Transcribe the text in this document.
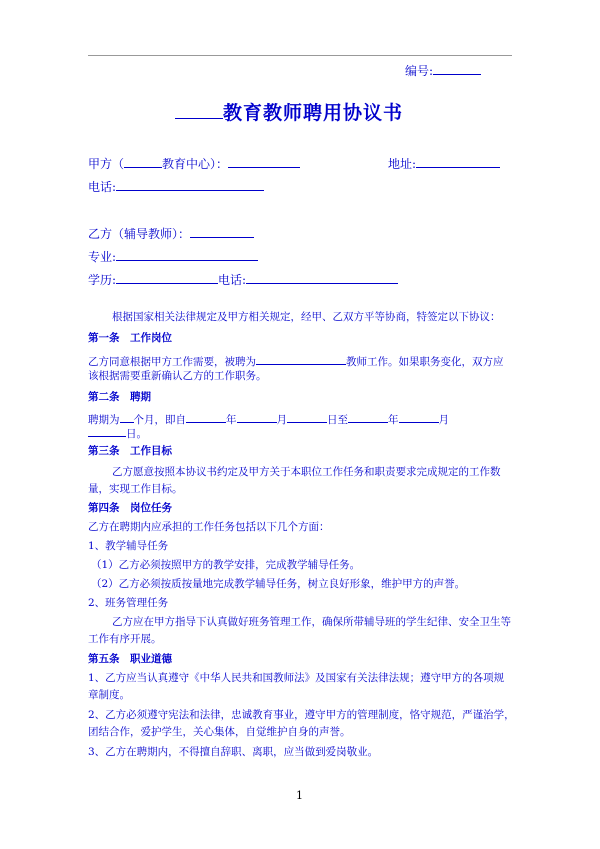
编号:
教育教师聘用协议书
甲方（	教育中心）：	地址:
电话:
乙方（辅导教师）：
专业:
学历:	电话:
根据国家相关法律规定及甲方相关规定，经甲、乙双方平等协商，特签定以下协议：
第一条　工作岗位
乙方同意根据甲方工作需要，被聘为	教师工作。如果职务变化，双方应
该根据需要重新确认乙方的工作职务。
第二条　聘期
聘期为 个月，即自	年	月	日至	年	月
日。
第三条　工作目标
乙方愿意按照本协议书约定及甲方关于本职位工作任务和职责要求完成规定的工作数
量，实现工作目标。
第四条　岗位任务
乙方在聘期内应承担的工作任务包括以下几个方面：
1、教学辅导任务
（1）乙方必须按照甲方的教学安排，完成教学辅导任务。
（2）乙方必须按质按量地完成教学辅导任务，树立良好形象，维护甲方的声誉。
2、班务管理任务
乙方应在甲方指导下认真做好班务管理工作，确保所带辅导班的学生纪律、安全卫生等
工作有序开展。
第五条　职业道德
1、乙方应当认真遵守《中华人民共和国教师法》及国家有关法律法规；遵守甲方的各项规
章制度。
2、乙方必须遵守宪法和法律，忠诚教育事业，遵守甲方的管理制度，恪守规范，严谨治学，
团结合作，爱护学生，关心集体，自觉维护自身的声誉。
3、乙方在聘期内，不得擅自辞职、离职，应当做到爱岗敬业。
1
